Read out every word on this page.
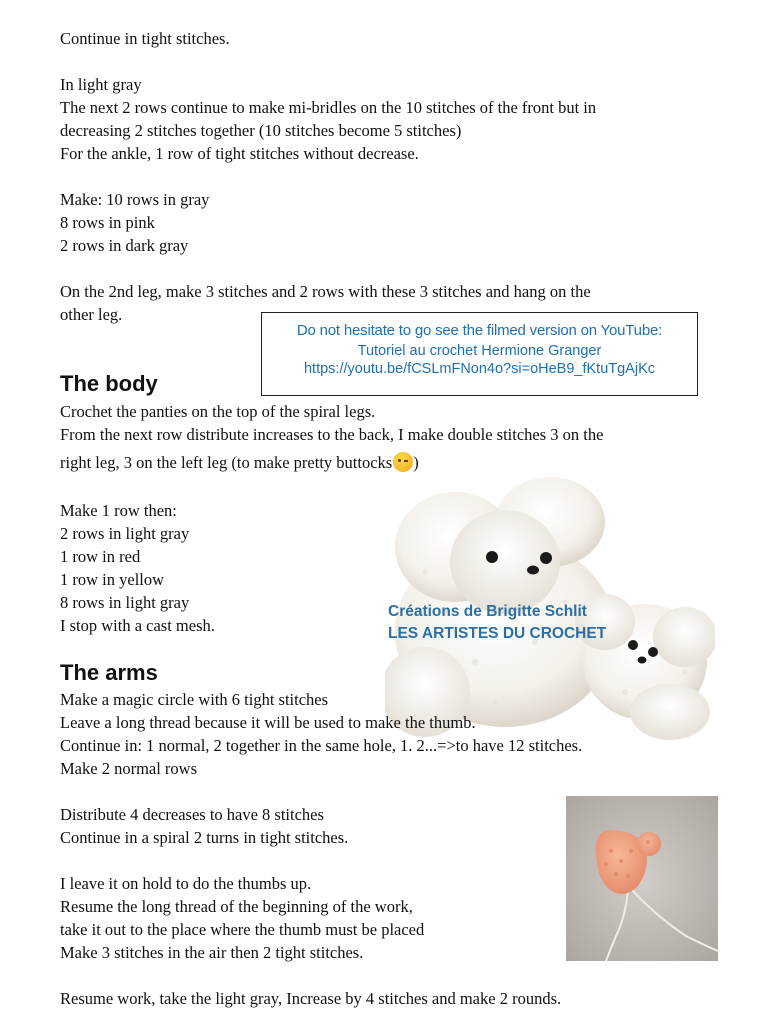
Continue in tight stitches.

In light gray

The next 2 rows continue to make mi-bridles on the 10 stitches of the front but in

decreasing 2 stitches together (10 stitches become 5 stitches)

For the ankle, 1 row of tight stitches without decrease.

Make: 10 rows in gray

8 rows in pink

2 rows in dark gray

On the 2nd leg, make 3 stitches and 2 rows with these 3 stitches and hang on the

other leg.

Do not hesitate to go see the filmed version on YouTube:
Tutoriel au crochet Hermione Granger
https://youtu.be/fCSLmFNon4o?si=oHeB9_fKtuTgAjKc
The body

Crochet the panties on the top of the spiral legs.

From the next row distribute increases to the back, I make double stitches 3 on the

right leg, 3 on the left leg (to make pretty buttocks )

Make 1 row then:

2 rows in light gray

1 row in red

1 row in yellow

8 rows in light gray

I stop with a cast mesh.

Créations de Brigitte Schlit
LES ARTISTES DU CROCHET
The arms

Make a magic circle with 6 tight stitches

Leave a long thread because it will be used to make the thumb.

Continue in: 1 normal, 2 together in the same hole, 1. 2...=>to have 12 stitches.

Make 2 normal rows

Distribute 4 decreases to have 8 stitches

Continue in a spiral 2 turns in tight stitches.

I leave it on hold to do the thumbs up.

Resume the long thread of the beginning of the work,

take it out to the place where the thumb must be placed

Make 3 stitches in the air then 2 tight stitches.

Resume work, take the light gray, Increase by 4 stitches and make 2 rounds.
